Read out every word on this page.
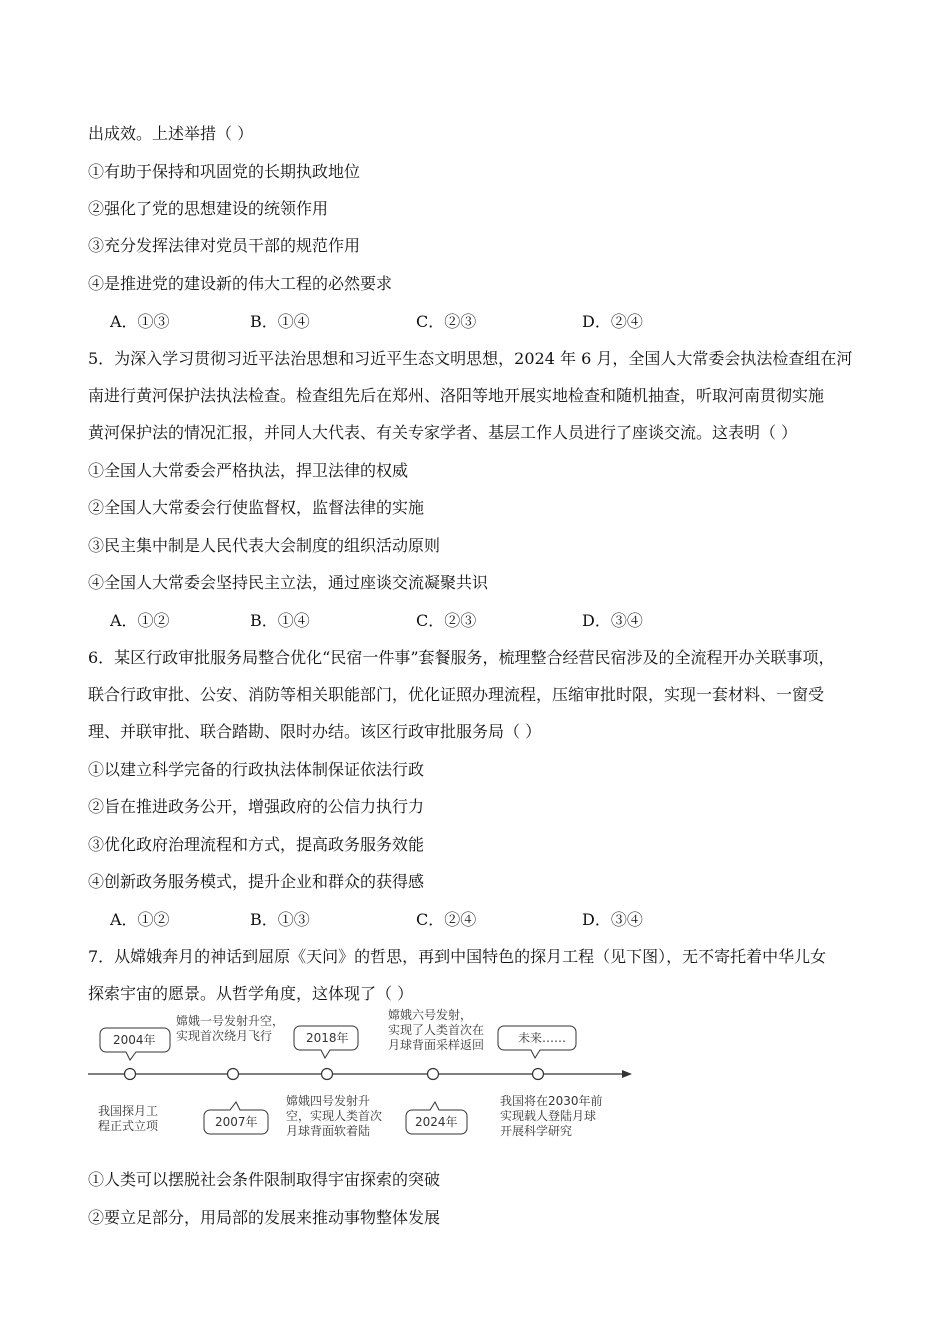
出成效。上述举措（ ）
①有助于保持和巩固党的长期执政地位
②强化了党的思想建设的统领作用
③充分发挥法律对党员干部的规范作用
④是推进党的建设新的伟大工程的必然要求
A．①③	B．①④	C．②③	D．②④
5．为深入学习贯彻习近平法治思想和习近平生态文明思想，2024 年 6 月，全国人大常委会执法检查组在河
南进行黄河保护法执法检查。检查组先后在郑州、洛阳等地开展实地检查和随机抽查，听取河南贯彻实施
黄河保护法的情况汇报，并同人大代表、有关专家学者、基层工作人员进行了座谈交流。这表明（ ）
①全国人大常委会严格执法，捍卫法律的权威
②全国人大常委会行使监督权，监督法律的实施
③民主集中制是人民代表大会制度的组织活动原则
④全国人大常委会坚持民主立法，通过座谈交流凝聚共识
A．①②	B．①④	C．②③	D．③④
6．某区行政审批服务局整合优化“民宿一件事”套餐服务，梳理整合经营民宿涉及的全流程开办关联事项，
联合行政审批、公安、消防等相关职能部门，优化证照办理流程，压缩审批时限，实现一套材料、一窗受
理、并联审批、联合踏勘、限时办结。该区行政审批服务局（ ）
①以建立科学完备的行政执法体制保证依法行政
②旨在推进政务公开，增强政府的公信力执行力
③优化政府治理流程和方式，提高政务服务效能
④创新政务服务模式，提升企业和群众的获得感
A．①②	B．①③	C．②④	D．③④
7．从嫦娥奔月的神话到屈原《天问》的哲思，再到中国特色的探月工程（见下图），无不寄托着中华儿女
探索宇宙的愿景。从哲学角度，这体现了（ ）
2004年
2007年
2018年
2024年
未来……
我国探月工
程正式立项
嫦娥一号发射升空，
实现首次绕月飞行
嫦娥四号发射升
空，实现人类首次
月球背面软着陆
嫦娥六号发射，
实现了人类首次在
月球背面采样返回
我国将在2030年前
实现载人登陆月球
开展科学研究
①人类可以摆脱社会条件限制取得宇宙探索的突破
②要立足部分，用局部的发展来推动事物整体发展
